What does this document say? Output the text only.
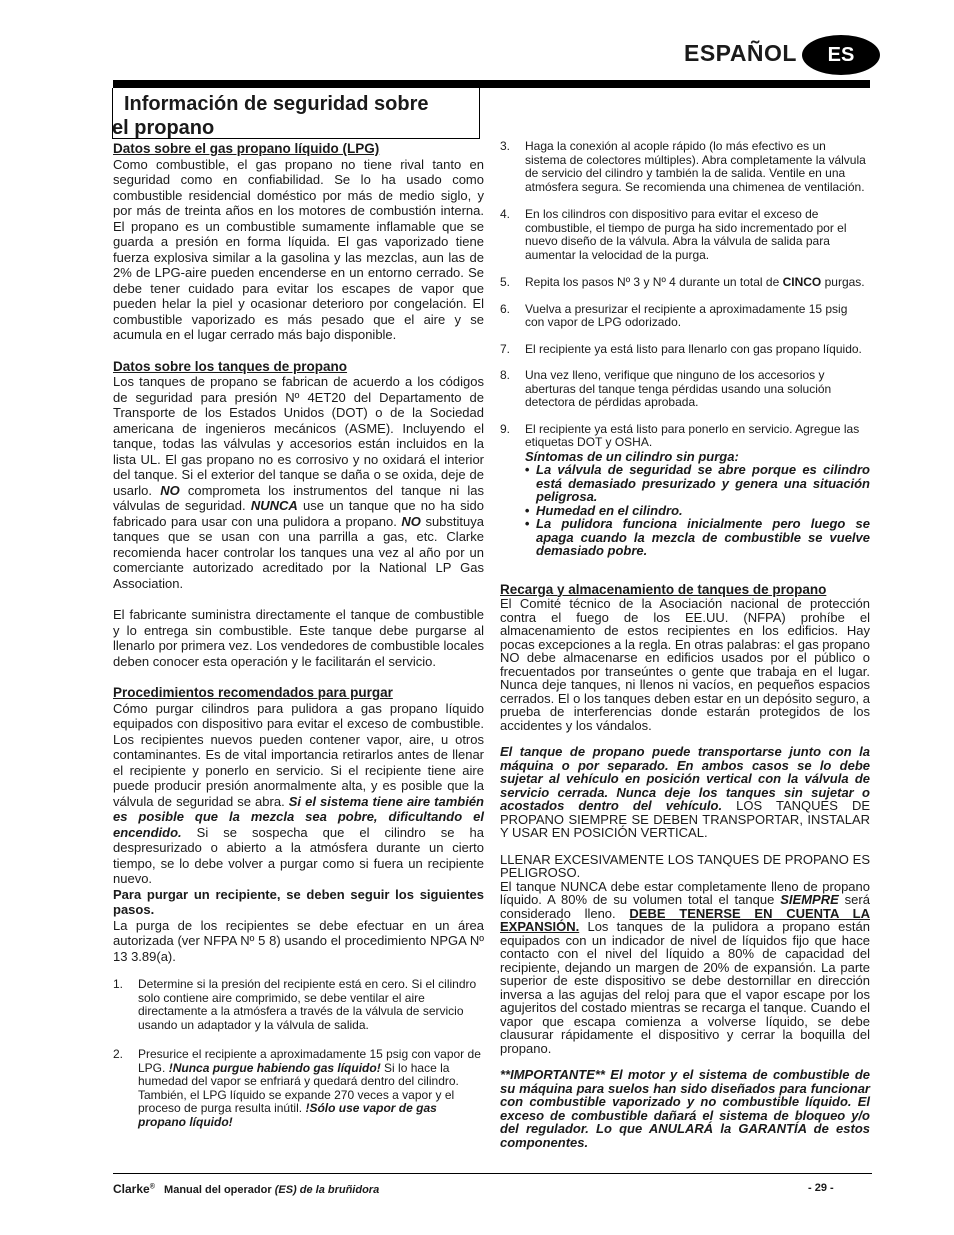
ESPAÑOL	ES
Información de seguridad sobre
el propano
Datos sobre el gas propano líquido (LPG)

Como combustible, el gas propano no tiene rival tanto en seguridad como en confiabilidad. Se lo ha usado como combustible residencial doméstico por más de medio siglo, y por más de treinta años en los motores de combustión interna. El propano es un combustible sumamente inflamable que se guarda a presión en forma líquida. El gas vaporizado tiene fuerza explosiva similar a la gasolina y las mezclas, aun las de 2% de LPG-aire pueden encenderse en un entorno cerrado. Se debe tener cuidado para evitar los escapes de vapor que pueden helar la piel y ocasionar deterioro por congelación. El combustible vaporizado es más pesado que el aire y se acumula en el lugar cerrado más bajo disponible.

Datos sobre los tanques de propano

Los tanques de propano se fabrican de acuerdo a los códigos de seguridad para presión Nº 4ET20 del Departamento de Transporte de los Estados Unidos (DOT) o de la Sociedad americana de ingenieros mecánicos (ASME). Incluyendo el tanque, todas las válvulas y accesorios están incluidos en la lista UL. El gas propano no es corrosivo y no oxidará el interior del tanque. Si el exterior del tanque se daña o se oxida, deje de usarlo. NO comprometa los instrumentos del tanque ni las válvulas de seguridad. NUNCA use un tanque que no ha sido fabricado para usar con una pulidora a propano. NO substituya tanques que se usan con una parrilla a gas, etc. Clarke recomienda hacer controlar los tanques una vez al año por un comerciante autorizado acreditado por la National LP Gas Association.

El fabricante suministra directamente el tanque de combustible y lo entrega sin combustible. Este tanque debe purgarse al llenarlo por primera vez. Los vendedores de combustible locales deben conocer esta operación y le facilitarán el servicio.

Procedimientos recomendados para purgar

Cómo purgar cilindros para pulidora a gas propano líquido equipados con dispositivo para evitar el exceso de combustible. Los recipientes nuevos pueden contener vapor, aire, u otros contaminantes. Es de vital importancia retirarlos antes de llenar el recipiente y ponerlo en servicio. Si el recipiente tiene aire puede producir presión anormalmente alta, y es posible que la válvula de seguridad se abra. Si el sistema tiene aire también es posible que la mezcla sea pobre, dificultando el encendido. Si se sospecha que el cilindro se ha despresurizado o abierto a la atmósfera durante un cierto tiempo, se lo debe volver a purgar como si fuera un recipiente nuevo.

Para purgar un recipiente, se deben seguir los siguientes pasos.

La purga de los recipientes se debe efectuar en un área autorizada (ver NFPA Nº 5 8) usando el procedimiento NPGA Nº 13 3.89(a).

1.	Determine si la presión del recipiente está en cero. Si el cilindro solo contiene aire comprimido, se debe ventilar el aire directamente a la atmósfera a través de la válvula de servicio usando un adaptador y la válvula de salida.
2.	Presurice el recipiente a aproximadamente 15 psig con vapor de LPG. !Nunca purgue habiendo gas líquido! Si lo hace la humedad del vapor se enfriará y quedará dentro del cilindro. También, el LPG líquido se expande 270 veces a vapor y el proceso de purga resulta inútil. !Sólo use vapor de gas propano líquido!
3.	Haga la conexión al acople rápido (lo más efectivo es un sistema de colectores múltiples). Abra completamente la válvula de servicio del cilindro y también la de salida. Ventile en una atmósfera segura. Se recomienda una chimenea de ventilación.
4.	En los cilindros con dispositivo para evitar el exceso de combustible, el tiempo de purga ha sido incrementado por el nuevo diseño de la válvula. Abra la válvula de salida para aumentar la velocidad de la purga.
5.	Repita los pasos Nº 3 y Nº 4 durante un total de CINCO purgas.
6.	Vuelva a presurizar el recipiente a aproximadamente 15 psig con vapor de LPG odorizado.
7.	El recipiente ya está listo para llenarlo con gas propano líquido.
8.	Una vez lleno, verifique que ninguno de los accesorios y aberturas del tanque tenga pérdidas usando una solución detectora de pérdidas aprobada.
9.	El recipiente ya está listo para ponerlo en servicio. Agregue las etiquetas DOT y OSHA.
Síntomas de un cilindro sin purga:
• La válvula de seguridad se abre porque es cilindro está demasiado presurizado y genera una situación peligrosa.
• Humedad en el cilindro.
• La pulidora funciona inicialmente pero luego se apaga cuando la mezcla de combustible se vuelve demasiado pobre.
Recarga y almacenamiento de tanques de propano

El Comité técnico de la Asociación nacional de protección contra el fuego de los EE.UU. (NFPA) prohíbe el almacenamiento de estos recipientes en los edificios. Hay pocas excepciones a la regla. En otras palabras: el gas propano NO debe almacenarse en edificios usados por el público o frecuentados por transeúntes o gente que trabaja en el lugar. Nunca deje tanques, ni llenos ni vacíos, en pequeños espacios cerrados. El o los tanques deben estar en un depósito seguro, a prueba de interferencias donde estarán protegidos de los accidentes y los vándalos.

El tanque de propano puede transportarse junto con la máquina o por separado. En ambos casos se lo debe sujetar al vehículo en posición vertical con la válvula de servicio cerrada. Nunca deje los tanques sin sujetar o acostados dentro del vehículo. LOS TANQUES DE PROPANO SIEMPRE SE DEBEN TRANSPORTAR, INSTALAR Y USAR EN POSICIÓN VERTICAL.

LLENAR EXCESIVAMENTE LOS TANQUES DE PROPANO ES PELIGROSO.

El tanque NUNCA debe estar completamente lleno de propano líquido. A 80% de su volumen total el tanque SIEMPRE será considerado lleno. DEBE TENERSE EN CUENTA LA EXPANSIÓN. Los tanques de la pulidora a propano están equipados con un indicador de nivel de líquidos fijo que hace contacto con el nivel del líquido a 80% de capacidad del recipiente, dejando un margen de 20% de expansión. La parte superior de este dispositivo se debe destornillar en dirección inversa a las agujas del reloj para que el vapor escape por los agujeritos del costado mientras se recarga el tanque. Cuando el vapor que escapa comienza a volverse líquido, se debe clausurar rápidamente el dispositivo y cerrar la boquilla del propano.

**IMPORTANTE** El motor y el sistema de combustible de su máquina para suelos han sido diseñados para funcionar con combustible vaporizado y no combustible líquido. El exceso de combustible dañará el sistema de bloqueo y/o del regulador. Lo que ANULARÁ la GARANTÍA de estos componentes.

Clarke® Manual del operador (ES) de la bruñidora	- 29 -
